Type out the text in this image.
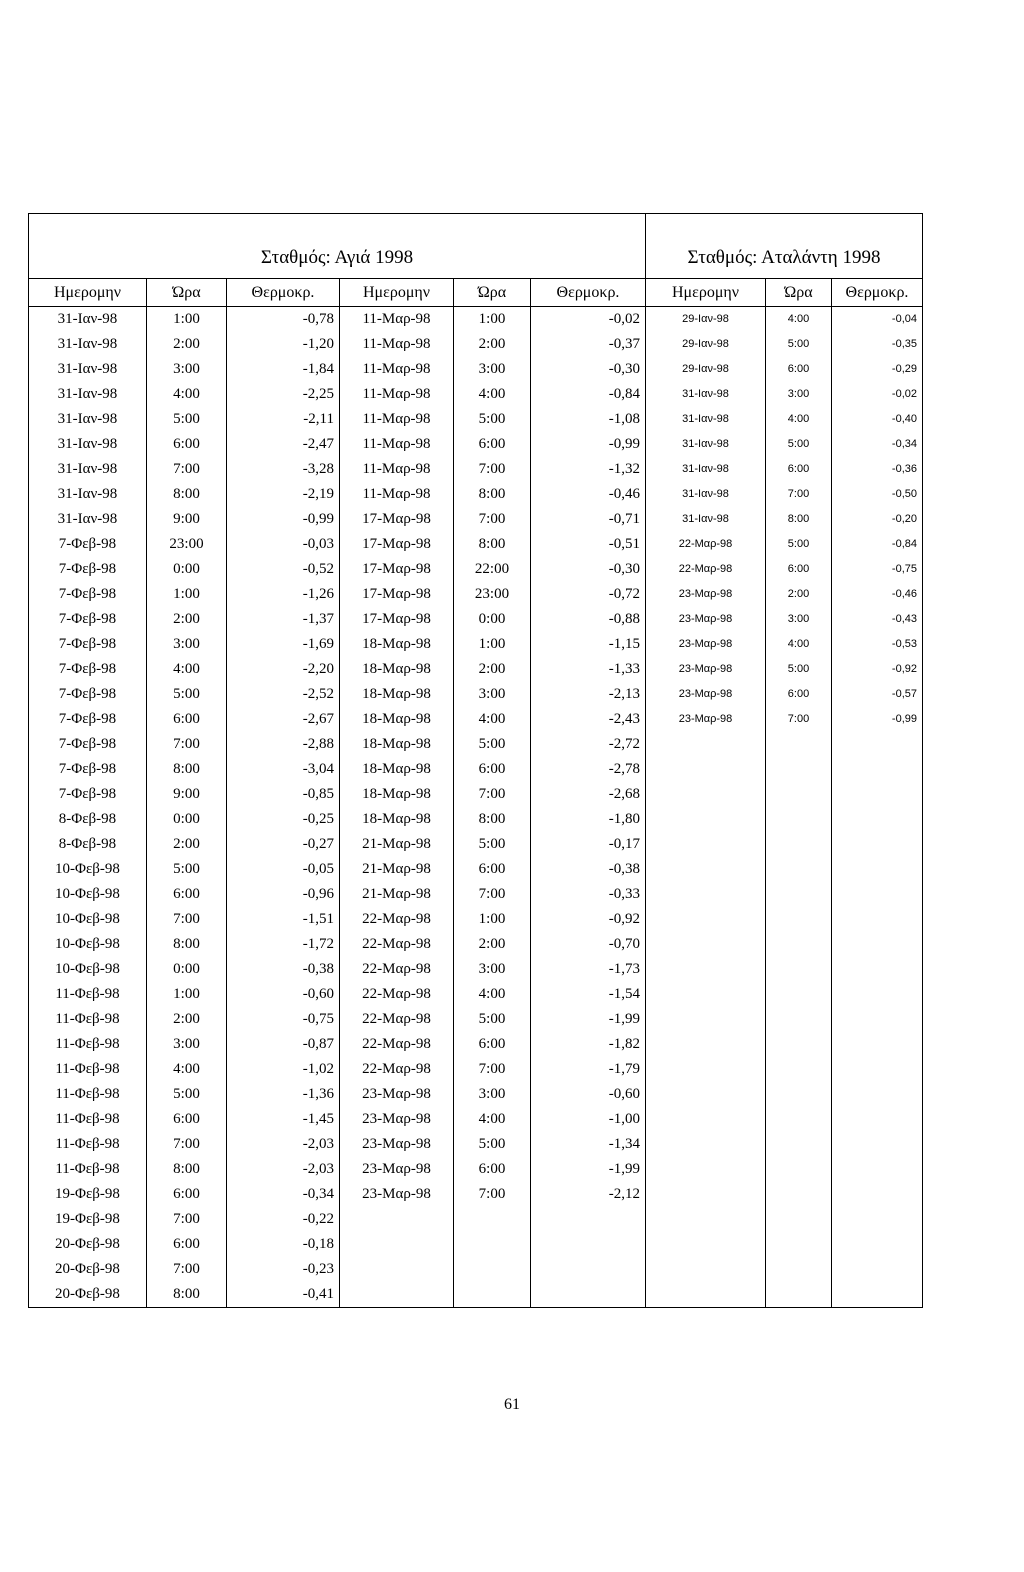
Σταθμός: Αγιά 1998						Σταθμός: Αταλάντη 1998		
Ημερομην	Ώρα	Θερμοκρ.	Ημερομην	Ώρα	Θερμοκρ.	Ημερομην	Ώρα	Θερμοκρ.
31-Ιαν-98	1:00	-0,78	11-Μαρ-98	1:00	-0,02	29-Ιαν-98	4:00	-0,04
31-Ιαν-98	2:00	-1,20	11-Μαρ-98	2:00	-0,37	29-Ιαν-98	5:00	-0,35
31-Ιαν-98	3:00	-1,84	11-Μαρ-98	3:00	-0,30	29-Ιαν-98	6:00	-0,29
31-Ιαν-98	4:00	-2,25	11-Μαρ-98	4:00	-0,84	31-Ιαν-98	3:00	-0,02
31-Ιαν-98	5:00	-2,11	11-Μαρ-98	5:00	-1,08	31-Ιαν-98	4:00	-0,40
31-Ιαν-98	6:00	-2,47	11-Μαρ-98	6:00	-0,99	31-Ιαν-98	5:00	-0,34
31-Ιαν-98	7:00	-3,28	11-Μαρ-98	7:00	-1,32	31-Ιαν-98	6:00	-0,36
31-Ιαν-98	8:00	-2,19	11-Μαρ-98	8:00	-0,46	31-Ιαν-98	7:00	-0,50
31-Ιαν-98	9:00	-0,99	17-Μαρ-98	7:00	-0,71	31-Ιαν-98	8:00	-0,20
7-Φεβ-98	23:00	-0,03	17-Μαρ-98	8:00	-0,51	22-Μαρ-98	5:00	-0,84
7-Φεβ-98	0:00	-0,52	17-Μαρ-98	22:00	-0,30	22-Μαρ-98	6:00	-0,75
7-Φεβ-98	1:00	-1,26	17-Μαρ-98	23:00	-0,72	23-Μαρ-98	2:00	-0,46
7-Φεβ-98	2:00	-1,37	17-Μαρ-98	0:00	-0,88	23-Μαρ-98	3:00	-0,43
7-Φεβ-98	3:00	-1,69	18-Μαρ-98	1:00	-1,15	23-Μαρ-98	4:00	-0,53
7-Φεβ-98	4:00	-2,20	18-Μαρ-98	2:00	-1,33	23-Μαρ-98	5:00	-0,92
7-Φεβ-98	5:00	-2,52	18-Μαρ-98	3:00	-2,13	23-Μαρ-98	6:00	-0,57
7-Φεβ-98	6:00	-2,67	18-Μαρ-98	4:00	-2,43	23-Μαρ-98	7:00	-0,99
7-Φεβ-98	7:00	-2,88	18-Μαρ-98	5:00	-2,72			
7-Φεβ-98	8:00	-3,04	18-Μαρ-98	6:00	-2,78			
7-Φεβ-98	9:00	-0,85	18-Μαρ-98	7:00	-2,68			
8-Φεβ-98	0:00	-0,25	18-Μαρ-98	8:00	-1,80			
8-Φεβ-98	2:00	-0,27	21-Μαρ-98	5:00	-0,17			
10-Φεβ-98	5:00	-0,05	21-Μαρ-98	6:00	-0,38			
10-Φεβ-98	6:00	-0,96	21-Μαρ-98	7:00	-0,33			
10-Φεβ-98	7:00	-1,51	22-Μαρ-98	1:00	-0,92			
10-Φεβ-98	8:00	-1,72	22-Μαρ-98	2:00	-0,70			
10-Φεβ-98	0:00	-0,38	22-Μαρ-98	3:00	-1,73			
11-Φεβ-98	1:00	-0,60	22-Μαρ-98	4:00	-1,54			
11-Φεβ-98	2:00	-0,75	22-Μαρ-98	5:00	-1,99			
11-Φεβ-98	3:00	-0,87	22-Μαρ-98	6:00	-1,82			
11-Φεβ-98	4:00	-1,02	22-Μαρ-98	7:00	-1,79			
11-Φεβ-98	5:00	-1,36	23-Μαρ-98	3:00	-0,60			
11-Φεβ-98	6:00	-1,45	23-Μαρ-98	4:00	-1,00			
11-Φεβ-98	7:00	-2,03	23-Μαρ-98	5:00	-1,34			
11-Φεβ-98	8:00	-2,03	23-Μαρ-98	6:00	-1,99			
19-Φεβ-98	6:00	-0,34	23-Μαρ-98	7:00	-2,12			
19-Φεβ-98	7:00	-0,22						
20-Φεβ-98	6:00	-0,18						
20-Φεβ-98	7:00	-0,23						
20-Φεβ-98	8:00	-0,41						
61
